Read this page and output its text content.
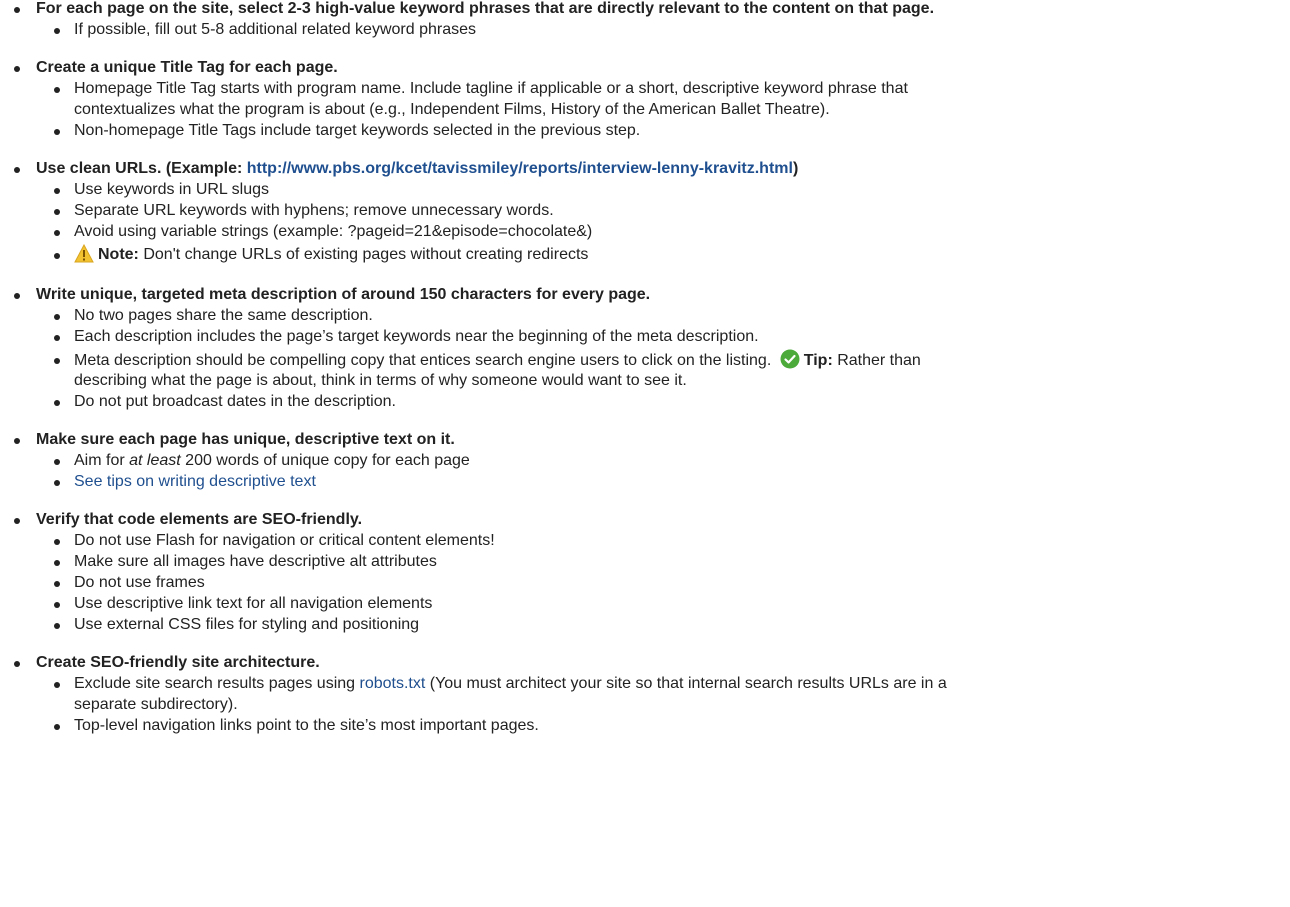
For each page on the site, select 2-3 high-value keyword phrases that are directly relevant to the content on that page.
If possible, fill out 5-8 additional related keyword phrases
Create a unique Title Tag for each page.
Homepage Title Tag starts with program name. Include tagline if applicable or a short, descriptive keyword phrase that
contextualizes what the program is about (e.g., Independent Films, History of the American Ballet Theatre).
Non-homepage Title Tags include target keywords selected in the previous step.
Use clean URLs. (Example: http://www.pbs.org/kcet/tavissmiley/reports/interview-lenny-kravitz.html)
Use keywords in URL slugs
Separate URL keywords with hyphens; remove unnecessary words.
Avoid using variable strings (example: ?pageid=21&episode=chocolate&)
Note: Don't change URLs of existing pages without creating redirects
Write unique, targeted meta description of around 150 characters for every page.
No two pages share the same description.
Each description includes the page’s target keywords near the beginning of the meta description.
Meta description should be compelling copy that entices search engine users to click on the listing. Tip: Rather than
describing what the page is about, think in terms of why someone would want to see it.
Do not put broadcast dates in the description.
Make sure each page has unique, descriptive text on it.
Aim for at least 200 words of unique copy for each page
See tips on writing descriptive text
Verify that code elements are SEO-friendly.
Do not use Flash for navigation or critical content elements!
Make sure all images have descriptive alt attributes
Do not use frames
Use descriptive link text for all navigation elements
Use external CSS files for styling and positioning
Create SEO-friendly site architecture.
Exclude site search results pages using robots.txt (You must architect your site so that internal search results URLs are in a
separate subdirectory).
Top-level navigation links point to the site’s most important pages.
